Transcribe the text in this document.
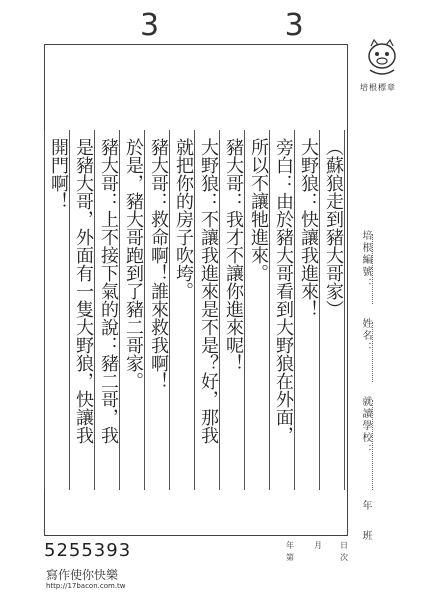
3 3
（蘇狼走到豬大哥家）
大野狼：快讓我進來！
旁白：由於豬大哥看到大野狼在外面，
所以不讓牠進來。
豬大哥：我才不讓你進來呢！
大野狼：不讓我進來是不是？好，那我
就把你的房子吹垮。
豬大哥：救命啊！誰來救我啊！
於是，豬大哥跑到了豬二哥家。
豬大哥：上不接下氣的說：豬二哥，我
是豬大哥，外面有一隻大野狼，快讓我
開門啊！
培根標章
培根編號：
姓名：
就讀學校：
年
班
5255393
寫作使你快樂
http://17bacon.com.tw
年	月 日
第	次
